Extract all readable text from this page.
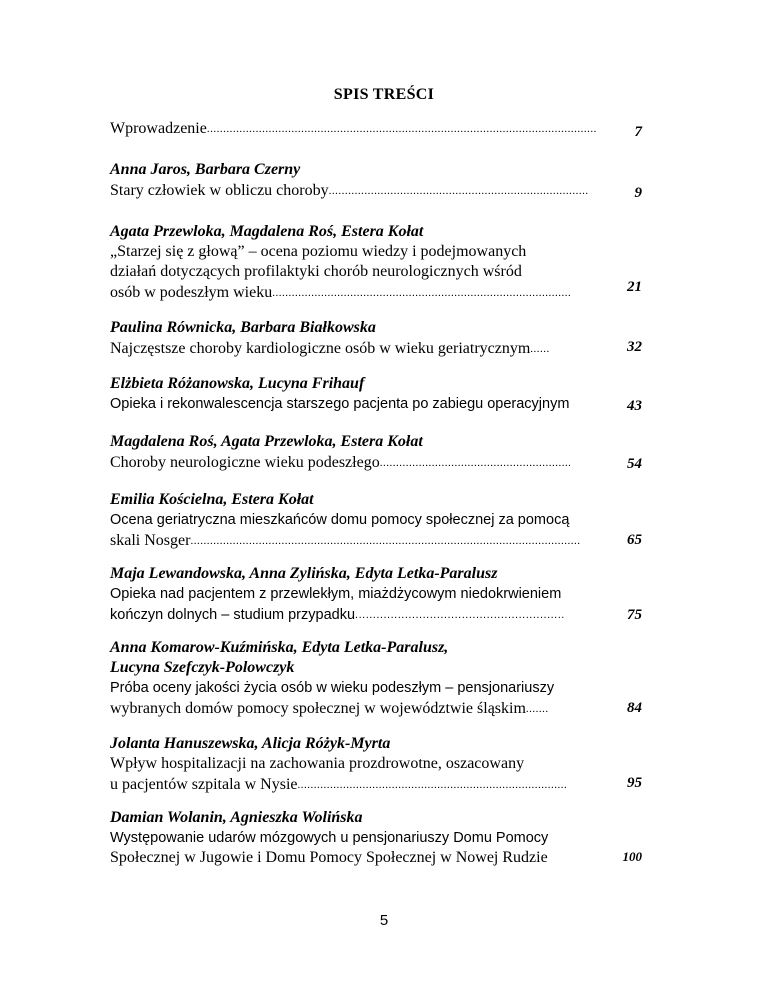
SPIS TREŚCI
Wprowadzenie .....	7
Anna Jaros, Barbara Czerny
Stary człowiek w obliczu choroby .....	9
Agata Przewloka, Magdalena Roś, Estera Kołat
„Starzej się z głową” – ocena poziomu wiedzy i podejmowanych
działań dotyczących profilaktyki chorób neurologicznych wśród
osób w podeszłym wieku .....	21
Paulina Równicka, Barbara Białkowska
Najczęstsze choroby kardiologiczne osób w wieku geriatrycznym .....	32
Elżbieta Różanowska, Lucyna Frihauf
Opieka i rekonwalescencja starszego pacjenta po zabiegu operacyjnym	43
Magdalena Roś, Agata Przewloka, Estera Kołat
Choroby neurologiczne wieku podeszłego .....	54
Emilia Kościelna, Estera Kołat
Ocena geriatryczna mieszkańców domu pomocy społecznej za pomocą
skali Nosger .....	65
Maja Lewandowska, Anna Zylińska, Edyta Letka-Paralusz
Opieka nad pacjentem z przewlekłym, miażdżycowym niedokrwieniem
kończyn dolnych – studium przypadku .....	75
Anna Komarow-Kuźmińska, Edyta Letka-Paralusz,
Lucyna Szefczyk-Polowczyk
Próba oceny jakości życia osób w wieku podeszłym – pensjonariuszy
wybranych domów pomocy społecznej w województwie śląskim .....	84
Jolanta Hanuszewska, Alicja Różyk-Myrta
Wpływ hospitalizacji na zachowania prozdrowotne, oszacowany
u pacjentów szpitala w Nysie .....	95
Damian Wolanin, Agnieszka Wolińska
Występowanie udarów mózgowych u pensjonariuszy Domu Pomocy
Społecznej w Jugowie i Domu Pomocy Społecznej w Nowej Rudzie	100
5
